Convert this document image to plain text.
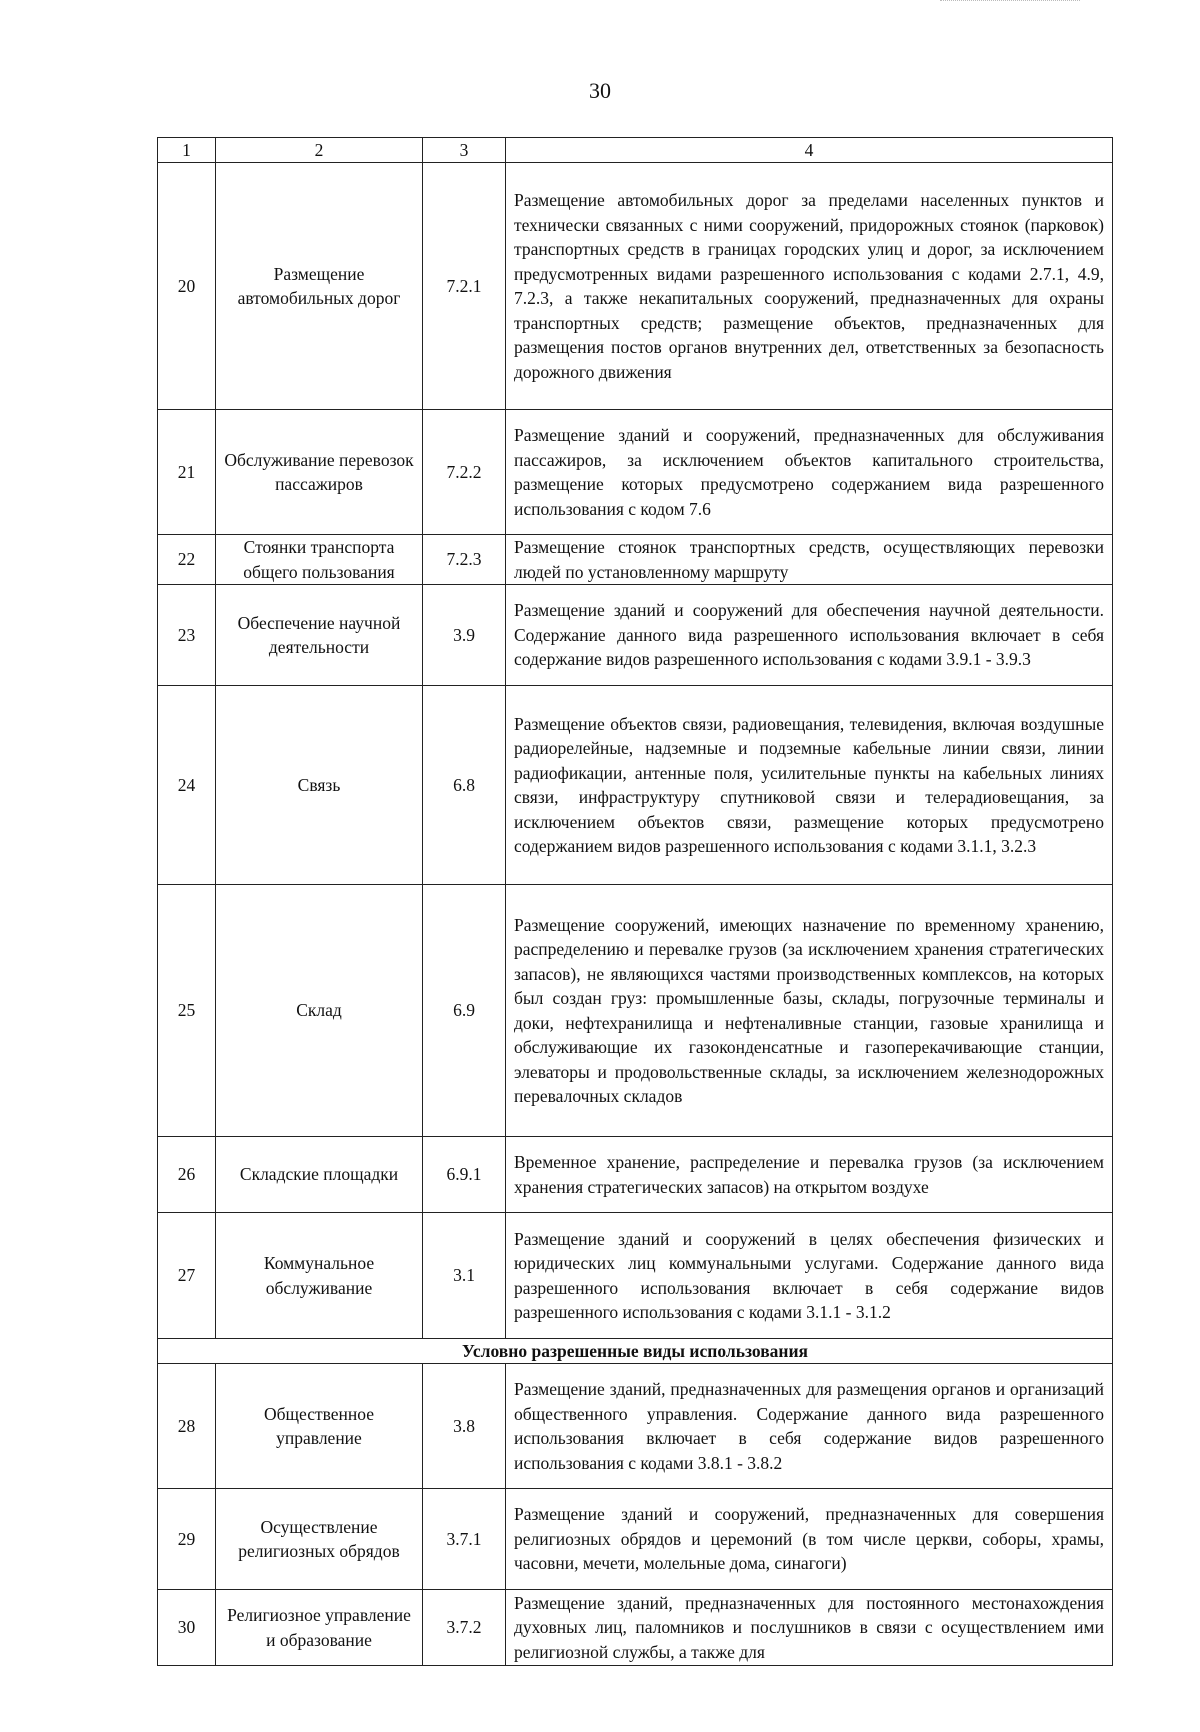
30
1	2	3	4
20	Размещение автомобильных дорог	7.2.1	Размещение автомобильных дорог за пределами населенных пунктов и технически связанных с ними сооружений, придорожных стоянок (парковок) транспортных средств в границах городских улиц и дорог, за исключением предусмотренных видами разрешенного использования с кодами 2.7.1, 4.9, 7.2.3, а также некапитальных сооружений, предназначенных для охраны транспортных средств; размещение объектов, предназначенных для размещения постов органов внутренних дел, ответственных за безопасность дорожного движения
21	Обслуживание перевозок пассажиров	7.2.2	Размещение зданий и сооружений, предназначенных для обслуживания пассажиров, за исключением объектов капитального строительства, размещение которых предусмотрено содержанием вида разрешенного использования с кодом 7.6
22	Стоянки транспорта общего пользования	7.2.3	Размещение стоянок транспортных средств, осуществляющих перевозки людей по установленному маршруту
23	Обеспечение научной деятельности	3.9	Размещение зданий и сооружений для обеспечения научной деятельности. Содержание данного вида разрешенного использования включает в себя содержание видов разрешенного использования с кодами 3.9.1 - 3.9.3
24	Связь	6.8	Размещение объектов связи, радиовещания, телевидения, включая воздушные радиорелейные, надземные и подземные кабельные линии связи, линии радиофикации, антенные поля, усилительные пункты на кабельных линиях связи, инфраструктуру спутниковой связи и телерадиовещания, за исключением объектов связи, размещение которых предусмотрено содержанием видов разрешенного использования с кодами 3.1.1, 3.2.3
25	Склад	6.9	Размещение сооружений, имеющих назначение по временному хранению, распределению и перевалке грузов (за исключением хранения стратегических запасов), не являющихся частями производственных комплексов, на которых был создан груз: промышленные базы, склады, погрузочные терминалы и доки, нефтехранилища и нефтеналивные станции, газовые хранилища и обслуживающие их газоконденсатные и газоперекачивающие станции, элеваторы и продовольственные склады, за исключением железнодорожных перевалочных складов
26	Складские площадки	6.9.1	Временное хранение, распределение и перевалка грузов (за исключением хранения стратегических запасов) на открытом воздухе
27	Коммунальное обслуживание	3.1	Размещение зданий и сооружений в целях обеспечения физических и юридических лиц коммунальными услугами. Содержание данного вида разрешенного использования включает в себя содержание видов разрешенного использования с кодами 3.1.1 - 3.1.2
Условно разрешенные виды использования			
28	Общественное управление	3.8	Размещение зданий, предназначенных для размещения органов и организаций общественного управления. Содержание данного вида разрешенного использования включает в себя содержание видов разрешенного использования с кодами 3.8.1 - 3.8.2
29	Осуществление религиозных обрядов	3.7.1	Размещение зданий и сооружений, предназначенных для совершения религиозных обрядов и церемоний (в том числе церкви, соборы, храмы, часовни, мечети, молельные дома, синагоги)
30	Религиозное управление и образование	3.7.2	Размещение зданий, предназначенных для постоянного местонахождения духовных лиц, паломников и послушников в связи с осуществлением ими религиозной службы, а также для
